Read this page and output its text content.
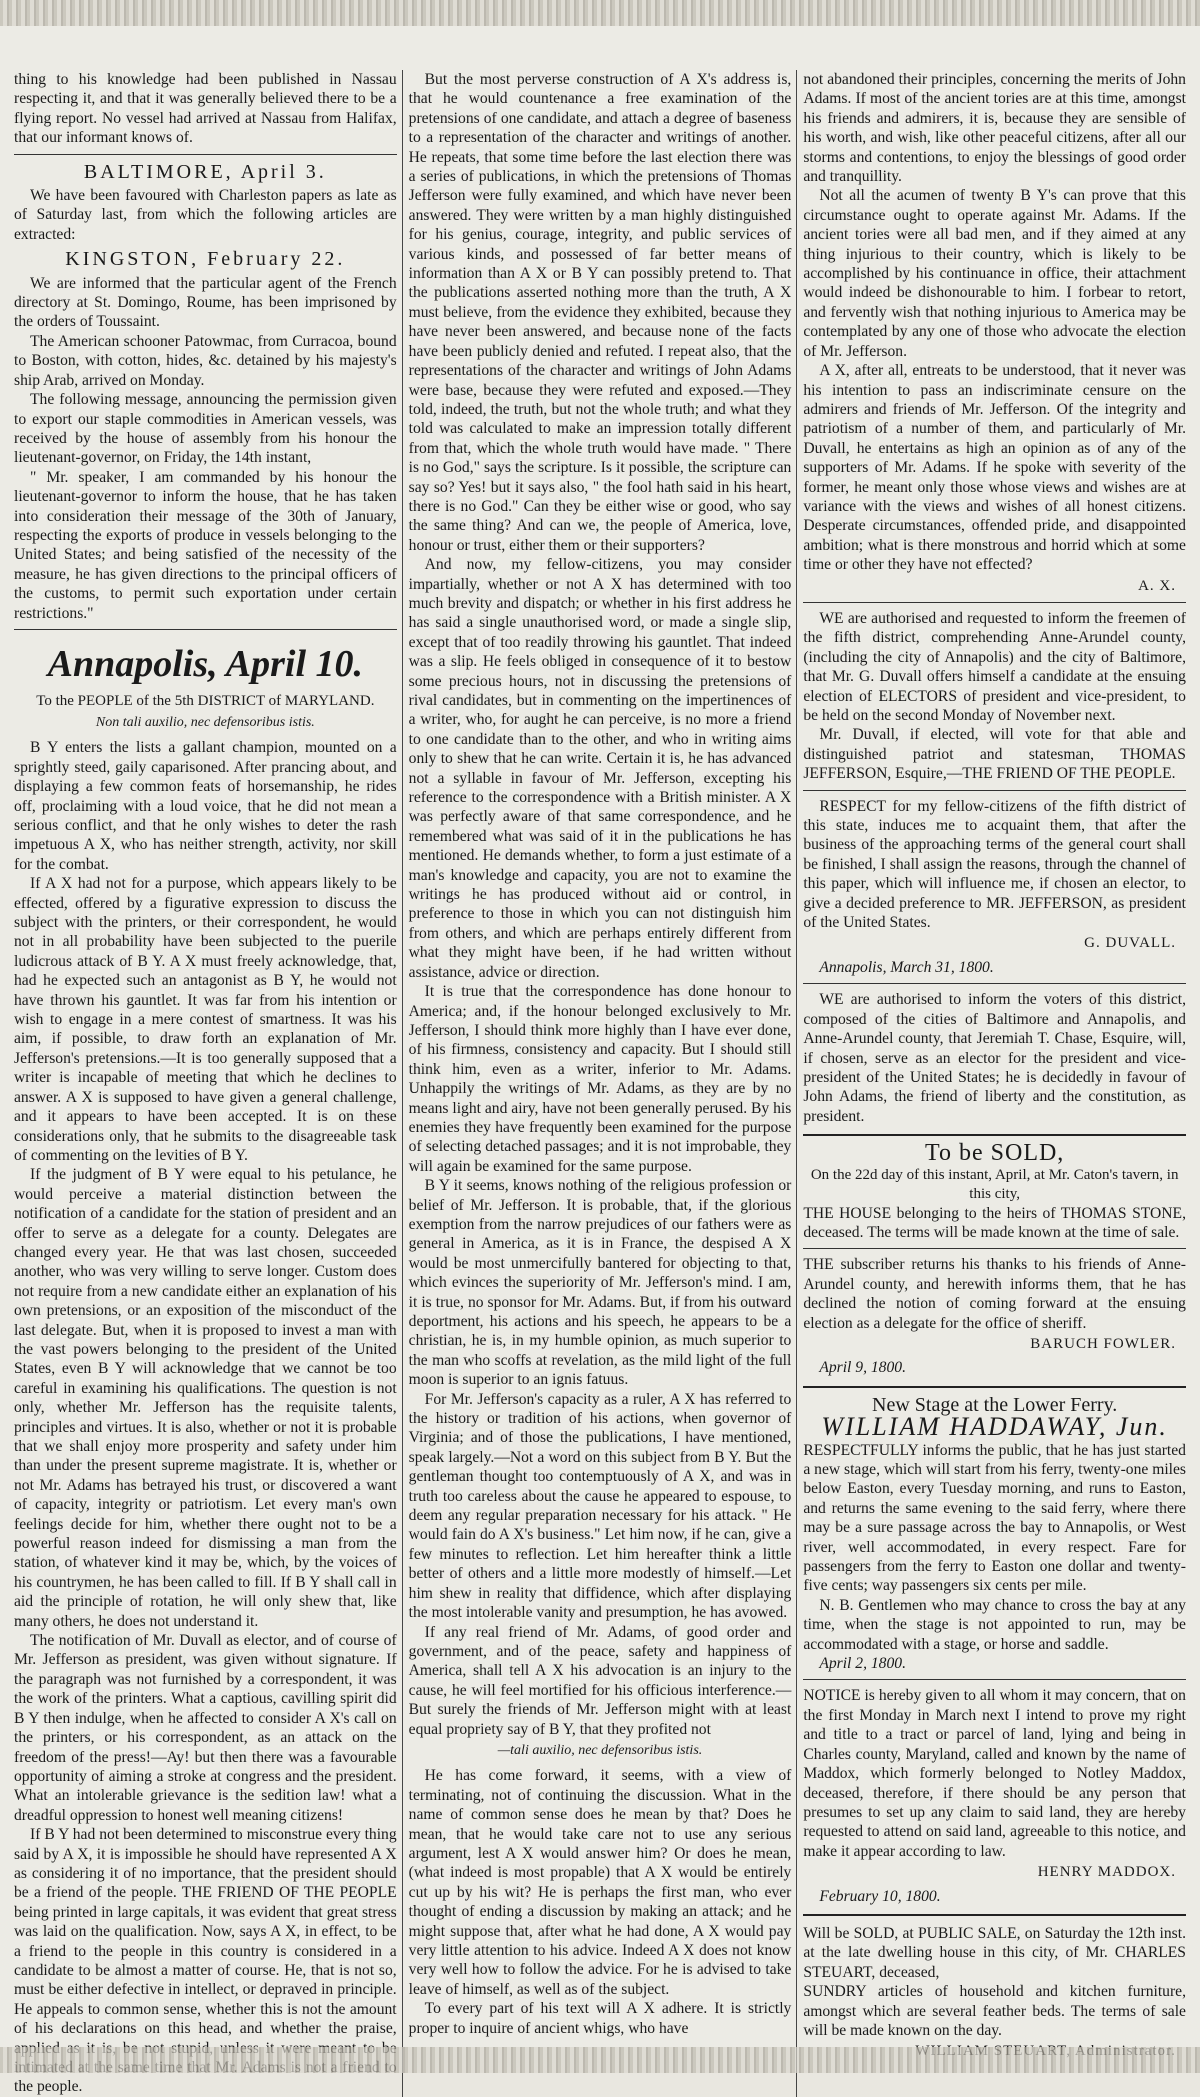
thing to his knowledge had been published in Nassau respecting it, and that it was generally believed there to be a flying report. No vessel had arrived at Nassau from Halifax, that our informant knows of.

BALTIMORE, April 3.

We have been favoured with Charleston papers as late as of Saturday last, from which the following articles are extracted:

KINGSTON, February 22.

We are informed that the particular agent of the French directory at St. Domingo, Roume, has been imprisoned by the orders of Toussaint.

The American schooner Patowmac, from Curracoa, bound to Boston, with cotton, hides, &c. detained by his majesty's ship Arab, arrived on Monday.

The following message, announcing the permission given to export our staple commodities in American vessels, was received by the house of assembly from his honour the lieutenant-governor, on Friday, the 14th instant,

" Mr. speaker, I am commanded by his honour the lieutenant-governor to inform the house, that he has taken into consideration their message of the 30th of January, respecting the exports of produce in vessels belonging to the United States; and being satisfied of the necessity of the measure, he has given directions to the principal officers of the customs, to permit such exportation under certain restrictions."

Annapolis, April 10.
To the PEOPLE of the 5th DISTRICT of MARYLAND.
Non tali auxilio, nec defensoribus istis.

B Y enters the lists a gallant champion, mounted on a sprightly steed, gaily caparisoned. After prancing about, and displaying a few common feats of horsemanship, he rides off, proclaiming with a loud voice, that he did not mean a serious conflict, and that he only wishes to deter the rash impetuous A X, who has neither strength, activity, nor skill for the combat.

If A X had not for a purpose, which appears likely to be effected, offered by a figurative expression to discuss the subject with the printers, or their correspondent, he would not in all probability have been subjected to the puerile ludicrous attack of B Y. A X must freely acknowledge, that, had he expected such an antagonist as B Y, he would not have thrown his gauntlet. It was far from his intention or wish to engage in a mere contest of smartness. It was his aim, if possible, to draw forth an explanation of Mr. Jefferson's pretensions.—It is too generally supposed that a writer is incapable of meeting that which he declines to answer. A X is supposed to have given a general challenge, and it appears to have been accepted. It is on these considerations only, that he submits to the disagreeable task of commenting on the levities of B Y.

If the judgment of B Y were equal to his petulance, he would perceive a material distinction between the notification of a candidate for the station of president and an offer to serve as a delegate for a county. Delegates are changed every year. He that was last chosen, succeeded another, who was very willing to serve longer. Custom does not require from a new candidate either an explanation of his own pretensions, or an exposition of the misconduct of the last delegate. But, when it is proposed to invest a man with the vast powers belonging to the president of the United States, even B Y will acknowledge that we cannot be too careful in examining his qualifications. The question is not only, whether Mr. Jefferson has the requisite talents, principles and virtues. It is also, whether or not it is probable that we shall enjoy more prosperity and safety under him than under the present supreme magistrate. It is, whether or not Mr. Adams has betrayed his trust, or discovered a want of capacity, integrity or patriotism. Let every man's own feelings decide for him, whether there ought not to be a powerful reason indeed for dismissing a man from the station, of whatever kind it may be, which, by the voices of his countrymen, he has been called to fill. If B Y shall call in aid the principle of rotation, he will only shew that, like many others, he does not understand it.

The notification of Mr. Duvall as elector, and of course of Mr. Jefferson as president, was given without signature. If the paragraph was not furnished by a correspondent, it was the work of the printers. What a captious, cavilling spirit did B Y then indulge, when he affected to consider A X's call on the printers, or his correspondent, as an attack on the freedom of the press!—Ay! but then there was a favourable opportunity of aiming a stroke at congress and the president. What an intolerable grievance is the sedition law! what a dreadful oppression to honest well meaning citizens!

If B Y had not been determined to misconstrue every thing said by A X, it is impossible he should have represented A X as considering it of no importance, that the president should be a friend of the people. THE FRIEND OF THE PEOPLE being printed in large capitals, it was evident that great stress was laid on the qualification. Now, says A X, in effect, to be a friend to the people in this country is considered in a candidate to be almost a matter of course. He, that is not so, must be either defective in intellect, or depraved in principle. He appeals to common sense, whether this is not the amount of his declarations on this head, and whether the praise, the people.

But the most perverse construction of A X's address is, that he would countenance a free examination of the pretensions of one candidate, and attach a degree of baseness to a representation of the character and writings of another. He repeats, that some time before the last election there was a series of publications, in which the pretensions of Thomas Jefferson were fully examined, and which have never been answered. They were written by a man highly distinguished for his genius, courage, integrity, and public services of various kinds, and possessed of far better means of information than A X or B Y can possibly pretend to. That the publications asserted nothing more than the truth, A X must believe, from the evidence they exhibited, because they have never been answered, and because none of the facts have been publicly denied and refuted. I repeat also, that the representations of the character and writings of John Adams were base, because they were refuted and exposed.—They told, indeed, the truth, but not the whole truth; and what they told was calculated to make an impression totally different from that, which the whole truth would have made. " There is no God," says the scripture. Is it possible, the scripture can say so? Yes! but it says also, " the fool hath said in his heart, there is no God." Can they be either wise or good, who say the same thing? And can we, the people of America, love, honour or trust, either them or their supporters?

And now, my fellow-citizens, you may consider impartially, whether or not A X has determined with too much brevity and dispatch; or whether in his first address he has said a single unauthorised word, or made a single slip, except that of too readily throwing his gauntlet. That indeed was a slip. He feels obliged in consequence of it to bestow some precious hours, not in discussing the pretensions of rival candidates, but in commenting on the impertinences of a writer, who, for aught he can perceive, is no more a friend to one candidate than to the other, and who in writing aims only to shew that he can write. Certain it is, he has advanced not a syllable in favour of Mr. Jefferson, excepting his reference to the correspondence with a British minister. A X was perfectly aware of that same correspondence, and he remembered what was said of it in the publications he has mentioned. He demands whether, to form a just estimate of a man's knowledge and capacity, you are not to examine the writings he has produced without aid or control, in preference to those in which you can not distinguish him from others, and which are perhaps entirely different from what they might have been, if he had written without assistance, advice or direction.

It is true that the correspondence has done honour to America; and, if the honour belonged exclusively to Mr. Jefferson, I should think more highly than I have ever done, of his firmness, consistency and capacity. But I should still think him, even as a writer, inferior to Mr. Adams. Unhappily the writings of Mr. Adams, as they are by no means light and airy, have not been generally perused. By his enemies they have frequently been examined for the purpose of selecting detached passages; and it is not improbable, they will again be examined for the same purpose.

B Y it seems, knows nothing of the religious profession or belief of Mr. Jefferson. It is probable, that, if the glorious exemption from the narrow prejudices of our fathers were as general in America, as it is in France, the despised A X would be most unmercifully bantered for objecting to that, which evinces the superiority of Mr. Jefferson's mind. I am, it is true, no sponsor for Mr. Adams. But, if from his outward deportment, his actions and his speech, he appears to be a christian, he is, in my humble opinion, as much superior to the man who scoffs at revelation, as the mild light of the full moon is superior to an ignis fatuus.

For Mr. Jefferson's capacity as a ruler, A X has referred to the history or tradition of his actions, when governor of Virginia; and of those the publications, I have mentioned, speak largely.—Not a word on this subject from B Y. But the gentleman thought too contemptuously of A X, and was in truth too careless about the cause he appeared to espouse, to deem any regular preparation necessary for his attack. " He would fain do A X's business." Let him now, if he can, give a few minutes to reflection. Let him hereafter think a little better of others and a little more modestly of himself.—Let him shew in reality that diffidence, which after displaying the most intolerable vanity and presumption, he has avowed.

If any real friend of Mr. Adams, of good order and government, and of the peace, safety and happiness of America, shall tell A X his advocation is an injury to the cause, he will feel mortified for his officious interference.—But surely the friends of Mr. Jefferson might with at least equal propriety say of B Y, that they profited not

—tali auxilio, nec defensoribus istis.

He has come forward, it seems, with a view of terminating, not of continuing the discussion. What in the name of common sense does he mean by that? Does he mean, that he would take care not to use any serious argument, lest A X would answer him? Or does he mean, (what indeed is most propable) that A X would be entirely cut up by his wit? He is perhaps the first man, who ever thought of ending a discussion by making an attack; and he might suppose that, after what he had done, A X would pay very little attention to his advice. Indeed A X does not know very well how to follow the advice. For he is advised to take leave of himself, as well as of the subject.

To every part of his text will A X adhere. It is strictly proper to inquire of ancient whigs, who have

not abandoned their principles, concerning the merits of John Adams. If most of the ancient tories are at this time, amongst his friends and admirers, it is, because they are sensible of his worth, and wish, like other peaceful citizens, after all our storms and contentions, to enjoy the blessings of good order and tranquillity.

Not all the acumen of twenty B Y's can prove that this circumstance ought to operate against Mr. Adams. If the ancient tories were all bad men, and if they aimed at any thing injurious to their country, which is likely to be accomplished by his continuance in office, their attachment would indeed be dishonourable to him. I forbear to retort, and fervently wish that nothing injurious to America may be contemplated by any one of those who advocate the election of Mr. Jefferson.

A X, after all, entreats to be understood, that it never was his intention to pass an indiscriminate censure on the admirers and friends of Mr. Jefferson. Of the integrity and patriotism of a number of them, and particularly of Mr. Duvall, he entertains as high an opinion as of any of the supporters of Mr. Adams. If he spoke with severity of the former, he meant only those whose views and wishes are at variance with the views and wishes of all honest citizens. Desperate circumstances, offended pride, and disappointed ambition; what is there monstrous and horrid which at some time or other they have not effected?

A. X.

WE are authorised and requested to inform the freemen of the fifth district, comprehending Anne-Arundel county, (including the city of Annapolis) and the city of Baltimore, that Mr. G. Duvall offers himself a candidate at the ensuing election of ELECTORS of president and vice-president, to be held on the second Monday of November next.

Mr. Duvall, if elected, will vote for that able and distinguished patriot and statesman, THOMAS JEFFERSON, Esquire,—THE FRIEND OF THE PEOPLE.

RESPECT for my fellow-citizens of the fifth district of this state, induces me to acquaint them, that after the business of the approaching terms of the general court shall be finished, I shall assign the reasons, through the channel of this paper, which will influence me, if chosen an elector, to give a decided preference to MR. JEFFERSON, as president of the United States.

G. DUVALL.

Annapolis, March 31, 1800.

WE are authorised to inform the voters of this district, composed of the cities of Baltimore and Annapolis, and Anne-Arundel county, that Jeremiah T. Chase, Esquire, will, if chosen, serve as an elector for the president and vice-president of the United States; he is decidedly in favour of John Adams, the friend of liberty and the constitution, as president.

To be SOLD,
On the 22d day of this instant, April, at Mr. Caton's tavern, in this city,

THE HOUSE belonging to the heirs of THOMAS STONE, deceased. The terms will be made known at the time of sale.

THE subscriber returns his thanks to his friends of Anne-Arundel county, and herewith informs them, that he has declined the notion of coming forward at the ensuing election as a delegate for the office of sheriff.

BARUCH FOWLER.

April 9, 1800.

New Stage at the Lower Ferry.
WILLIAM HADDAWAY, Jun.

RESPECTFULLY informs the public, that he has just started a new stage, which will start from his ferry, twenty-one miles below Easton, every Tuesday morning, and runs to Easton, and returns the same evening to the said ferry, where there may be a sure passage across the bay to Annapolis, or West river, well accommodated, in every respect. Fare for passengers from the ferry to Easton one dollar and twenty-five cents; way passengers six cents per mile.

N. B. Gentlemen who may chance to cross the bay at any time, when the stage is not appointed to run, may be accommodated with a stage, or horse and saddle.

April 2, 1800.

NOTICE is hereby given to all whom it may concern, that on the first Monday in March next I intend to prove my right and title to a tract or parcel of land, lying and being in Charles county, Maryland, called and known by the name of Maddox, which formerly belonged to Notley Maddox, deceased, therefore, if there should be any person that presumes to set up any claim to said land, they are hereby requested to attend on said land, agreeable to this notice, and make it appear according to law.

HENRY MADDOX.

February 10, 1800.

Will be SOLD, at PUBLIC SALE, on Saturday the 12th inst. at the late dwelling house in this city, of Mr. CHARLES STEUART, deceased,

SUNDRY articles of household and kitchen furniture, amongst which are several feather beds. The terms of sale will be made known on the day.
